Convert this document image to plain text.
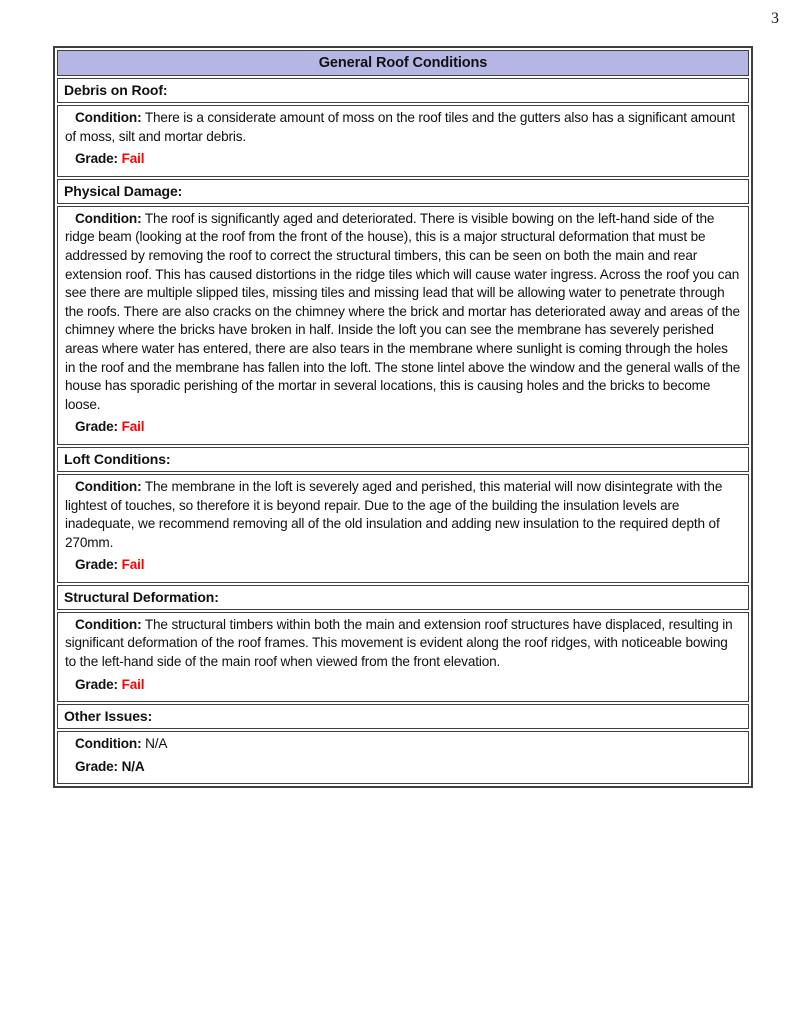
3
General Roof Conditions
Debris on Roof:

Condition: There is a considerate amount of moss on the roof tiles and the gutters also has a significant amount of moss, silt and mortar debris.

Grade: Fail

Physical Damage:

Condition: The roof is significantly aged and deteriorated. There is visible bowing on the left-hand side of the ridge beam (looking at the roof from the front of the house), this is a major structural deformation that must be addressed by removing the roof to correct the structural timbers, this can be seen on both the main and rear extension roof. This has caused distortions in the ridge tiles which will cause water ingress. Across the roof you can see there are multiple slipped tiles, missing tiles and missing lead that will be allowing water to penetrate through the roofs. There are also cracks on the chimney where the brick and mortar has deteriorated away and areas of the chimney where the bricks have broken in half. Inside the loft you can see the membrane has severely perished areas where water has entered, there are also tears in the membrane where sunlight is coming through the holes in the roof and the membrane has fallen into the loft. The stone lintel above the window and the general walls of the house has sporadic perishing of the mortar in several locations, this is causing holes and the bricks to become loose.

Grade: Fail

Loft Conditions:

Condition: The membrane in the loft is severely aged and perished, this material will now disintegrate with the lightest of touches, so therefore it is beyond repair. Due to the age of the building the insulation levels are inadequate, we recommend removing all of the old insulation and adding new insulation to the required depth of 270mm.

Grade: Fail

Structural Deformation:

Condition: The structural timbers within both the main and extension roof structures have displaced, resulting in significant deformation of the roof frames. This movement is evident along the roof ridges, with noticeable bowing to the left-hand side of the main roof when viewed from the front elevation.

Grade: Fail

Other Issues:

Condition: N/A

Grade: N/A
